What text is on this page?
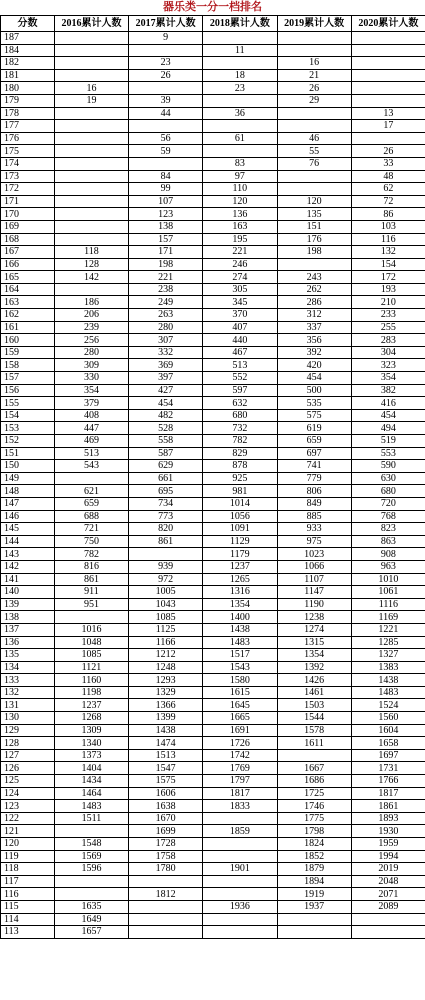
器乐类一分一档排名
分数	2016累计人数	2017累计人数	2018累计人数	2019累计人数	2020累计人数
187		9			
184			11		
182		23		16	
181		26	18	21	
180	16		23	26	
179	19	39		29	
178		44	36		13
177					17
176		56	61	46	
175		59		55	26
174			83	76	33
173		84	97		48
172		99	110		62
171		107	120	120	72
170		123	136	135	86
169		138	163	151	103
168		157	195	176	116
167	118	171	221	198	132
166	128	198	246		154
165	142	221	274	243	172
164		238	305	262	193
163	186	249	345	286	210
162	206	263	370	312	233
161	239	280	407	337	255
160	256	307	440	356	283
159	280	332	467	392	304
158	309	369	513	420	323
157	330	397	552	454	354
156	354	427	597	500	382
155	379	454	632	535	416
154	408	482	680	575	454
153	447	528	732	619	494
152	469	558	782	659	519
151	513	587	829	697	553
150	543	629	878	741	590
149		661	925	779	630
148	621	695	981	806	680
147	659	734	1014	849	720
146	688	773	1056	885	768
145	721	820	1091	933	823
144	750	861	1129	975	863
143	782		1179	1023	908
142	816	939	1237	1066	963
141	861	972	1265	1107	1010
140	911	1005	1316	1147	1061
139	951	1043	1354	1190	1116
138		1085	1400	1238	1169
137	1016	1125	1438	1274	1221
136	1048	1166	1483	1315	1285
135	1085	1212	1517	1354	1327
134	1121	1248	1543	1392	1383
133	1160	1293	1580	1426	1438
132	1198	1329	1615	1461	1483
131	1237	1366	1645	1503	1524
130	1268	1399	1665	1544	1560
129	1309	1438	1691	1578	1604
128	1340	1474	1726	1611	1658
127	1373	1513	1742		1697
126	1404	1547	1769	1667	1731
125	1434	1575	1797	1686	1766
124	1464	1606	1817	1725	1817
123	1483	1638	1833	1746	1861
122	1511	1670		1775	1893
121		1699	1859	1798	1930
120	1548	1728		1824	1959
119	1569	1758		1852	1994
118	1596	1780	1901	1879	2019
117				1894	2048
116		1812		1919	2071
115	1635		1936	1937	2089
114	1649				
113	1657				
